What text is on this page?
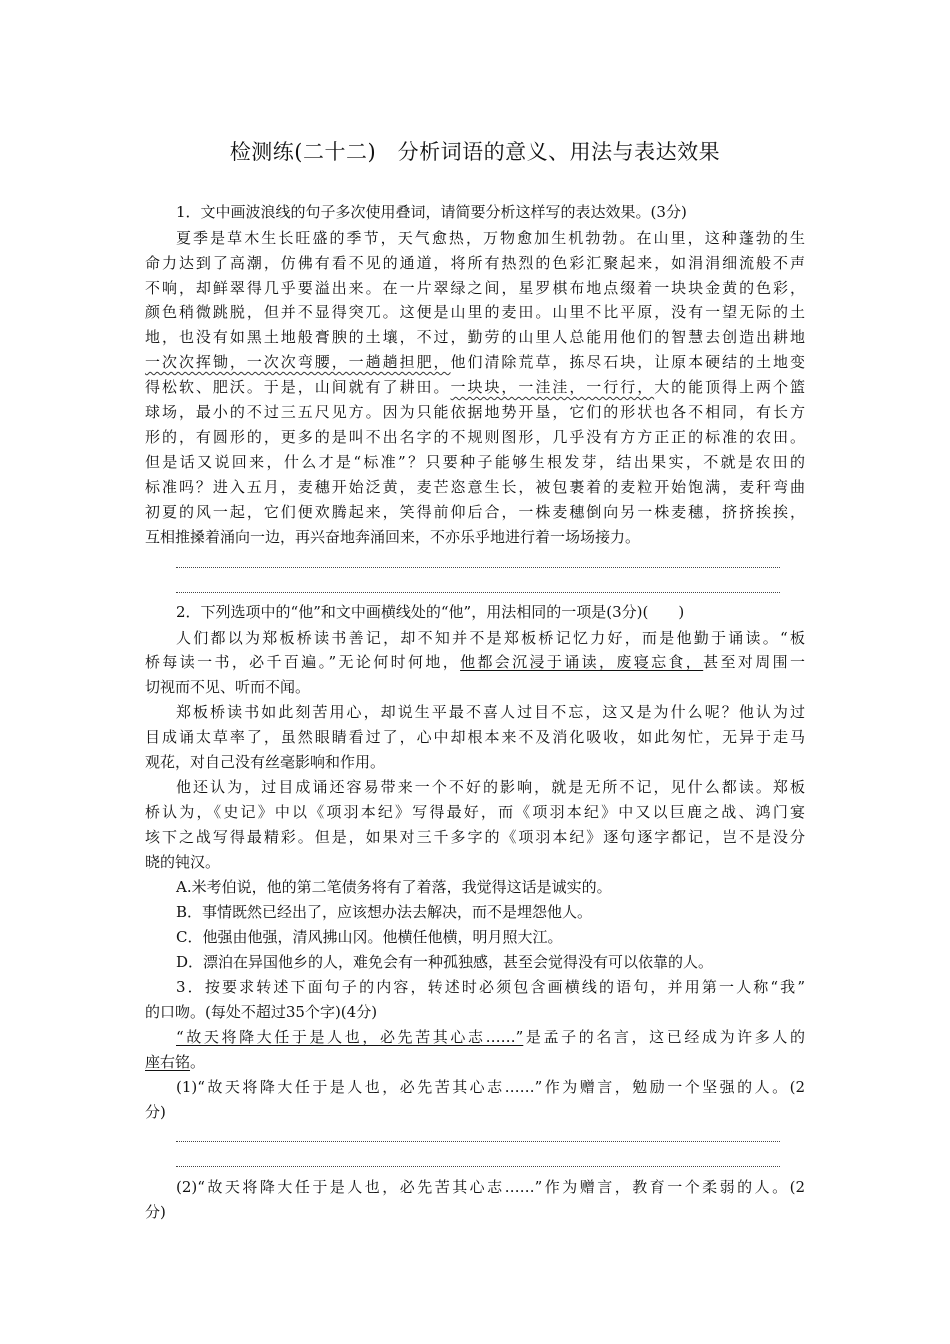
检测练(二十二)　分析词语的意义、用法与表达效果
1．文中画波浪线的句子多次使用叠词，请简要分析这样写的表达效果。(3分)
夏季是草木生长旺盛的季节，天气愈热，万物愈加生机勃勃。在山里，这种蓬勃的生
命力达到了高潮，仿佛有看不见的通道，将所有热烈的色彩汇聚起来，如涓涓细流般不声
不响，却鲜翠得几乎要溢出来。在一片翠绿之间，星罗棋布地点缀着一块块金黄的色彩，
颜色稍微跳脱，但并不显得突兀。这便是山里的麦田。山里不比平原，没有一望无际的土
地，也没有如黑土地般膏腴的土壤，不过，勤劳的山里人总能用他们的智慧去创造出耕地
一次次挥锄，一次次弯腰，一趟趟担肥，他们清除荒草，拣尽石块，让原本硬结的土地变
得松软、肥沃。于是，山间就有了耕田。一块块，一洼洼，一行行，大的能顶得上两个篮
球场，最小的不过三五尺见方。因为只能依据地势开垦，它们的形状也各不相同，有长方
形的，有圆形的，更多的是叫不出名字的不规则图形，几乎没有方方正正的标准的农田。
但是话又说回来，什么才是“标准”？只要种子能够生根发芽，结出果实，不就是农田的
标准吗？进入五月，麦穗开始泛黄，麦芒恣意生长，被包裹着的麦粒开始饱满，麦秆弯曲
初夏的风一起，它们便欢腾起来，笑得前仰后合，一株麦穗倒向另一株麦穗，挤挤挨挨，
互相推搡着涌向一边，再兴奋地奔涌回来，不亦乐乎地进行着一场场接力。
2．下列选项中的“他”和文中画横线处的“他”，用法相同的一项是(3分)(　　)
人们都以为郑板桥读书善记，却不知并不是郑板桥记忆力好，而是他勤于诵读。“板
桥每读一书，必千百遍。”无论何时何地，他都会沉浸于诵读，废寝忘食，甚至对周围一
切视而不见、听而不闻。
郑板桥读书如此刻苦用心，却说生平最不喜人过目不忘，这又是为什么呢？他认为过
目成诵太草率了，虽然眼睛看过了，心中却根本来不及消化吸收，如此匆忙，无异于走马
观花，对自己没有丝毫影响和作用。
他还认为，过目成诵还容易带来一个不好的影响，就是无所不记，见什么都读。郑板
桥认为，《史记》中以《项羽本纪》写得最好，而《项羽本纪》中又以巨鹿之战、鸿门宴
垓下之战写得最精彩。但是，如果对三千多字的《项羽本纪》逐句逐字都记，岂不是没分
晓的钝汉。
A.米考伯说，他的第二笔债务将有了着落，我觉得这话是诚实的。
B．事情既然已经出了，应该想办法去解决，而不是埋怨他人。
C．他强由他强，清风拂山冈。他横任他横，明月照大江。
D．漂泊在异国他乡的人，难免会有一种孤独感，甚至会觉得没有可以依靠的人。
3．按要求转述下面句子的内容，转述时必须包含画横线的语句，并用第一人称“我”
的口吻。(每处不超过35个字)(4分)
“故天将降大任于是人也，必先苦其心志……”是孟子的名言，这已经成为许多人的
座右铭。
(1)“故天将降大任于是人也，必先苦其心志……”作为赠言，勉励一个坚强的人。(2
分)
(2)“故天将降大任于是人也，必先苦其心志……”作为赠言，教育一个柔弱的人。(2
分)
